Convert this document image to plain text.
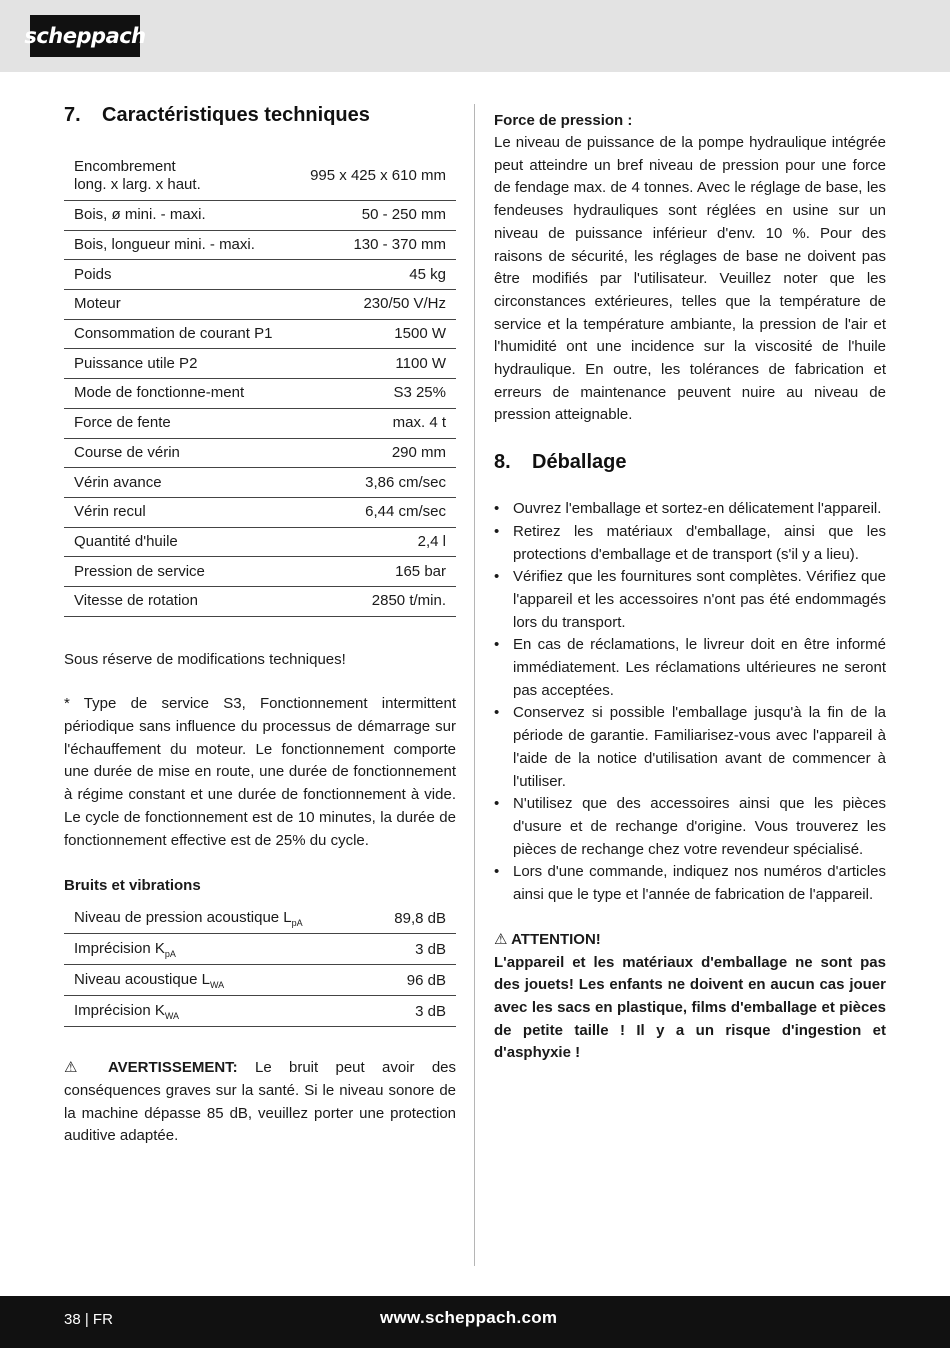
scheppach
7.	Caractéristiques techniques
Encombrement
long. x larg. x haut.	995 x 425 x 610 mm
Bois, ø mini. - maxi.	50 - 250 mm
Bois, longueur mini. - maxi.	130 - 370 mm
Poids	45 kg
Moteur	230/50 V/Hz
Consommation de courant P1	1500 W
Puissance utile P2	1100 W
Mode de fonctionne-ment	S3 25%
Force de fente	max. 4 t
Course de vérin	290 mm
Vérin avance	3,86 cm/sec
Vérin recul	6,44 cm/sec
Quantité d'huile	2,4 l
Pression de service	165 bar
Vitesse de rotation	2850 t/min.

Sous réserve de modifications techniques!

* Type de service S3, Fonctionnement intermittent périodique sans influence du processus de démarrage sur l'échauffement du moteur. Le fonctionnement comporte une durée de mise en route, une durée de fonctionnement à régime constant et une durée de fonctionnement à vide. Le cycle de fonctionnement est de 10 minutes, la durée de fonctionnement effective est de 25% du cycle.

Bruits et vibrations

Niveau de pression acoustique $L_{pA}$	89,8 dB
Imprécision $K_{pA}$	3 dB
Niveau acoustique $L_{WA}$	96 dB
Imprécision $K_{WA}$	3 dB

⚠ AVERTISSEMENT: Le bruit peut avoir des conséquences graves sur la santé. Si le niveau sonore de la machine dépasse 85 dB, veuillez porter une protection auditive adaptée.

Force de pression :

Le niveau de puissance de la pompe hydraulique intégrée peut atteindre un bref niveau de pression pour une force de fendage max. de 4 tonnes. Avec le réglage de base, les fendeuses hydrauliques sont réglées en usine sur un niveau de puissance inférieur d'env. 10 %. Pour des raisons de sécurité, les réglages de base ne doivent pas être modifiés par l'utilisateur. Veuillez noter que les circonstances extérieures, telles que la température de service et la température ambiante, la pression de l'air et l'humidité ont une incidence sur la viscosité de l'huile hydraulique. En outre, les tolérances de fabrication et erreurs de maintenance peuvent nuire au niveau de pression atteignable.

8.	Déballage
• Ouvrez l'emballage et sortez-en délicatement l'appareil.
• Retirez les matériaux d'emballage, ainsi que les protections d'emballage et de transport (s'il y a lieu).
• Vérifiez que les fournitures sont complètes. Vérifiez que l'appareil et les accessoires n'ont pas été endommagés lors du transport.
• En cas de réclamations, le livreur doit en être informé immédiatement. Les réclamations ultérieures ne seront pas acceptées.
• Conservez si possible l'emballage jusqu'à la fin de la période de garantie. Familiarisez-vous avec l'appareil à l'aide de la notice d'utilisation avant de commencer à l'utiliser.
• N'utilisez que des accessoires ainsi que les pièces d'usure et de rechange d'origine. Vous trouverez les pièces de rechange chez votre revendeur spécialisé.
• Lors d'une commande, indiquez nos numéros d'articles ainsi que le type et l'année de fabrication de l'appareil.

⚠ ATTENTION!

L'appareil et les matériaux d'emballage ne sont pas des jouets! Les enfants ne doivent en aucun cas jouer avec les sacs en plastique, films d'emballage et pièces de petite taille ! Il y a un risque d'ingestion et d'asphyxie !

38 | FR	www.scheppach.com
